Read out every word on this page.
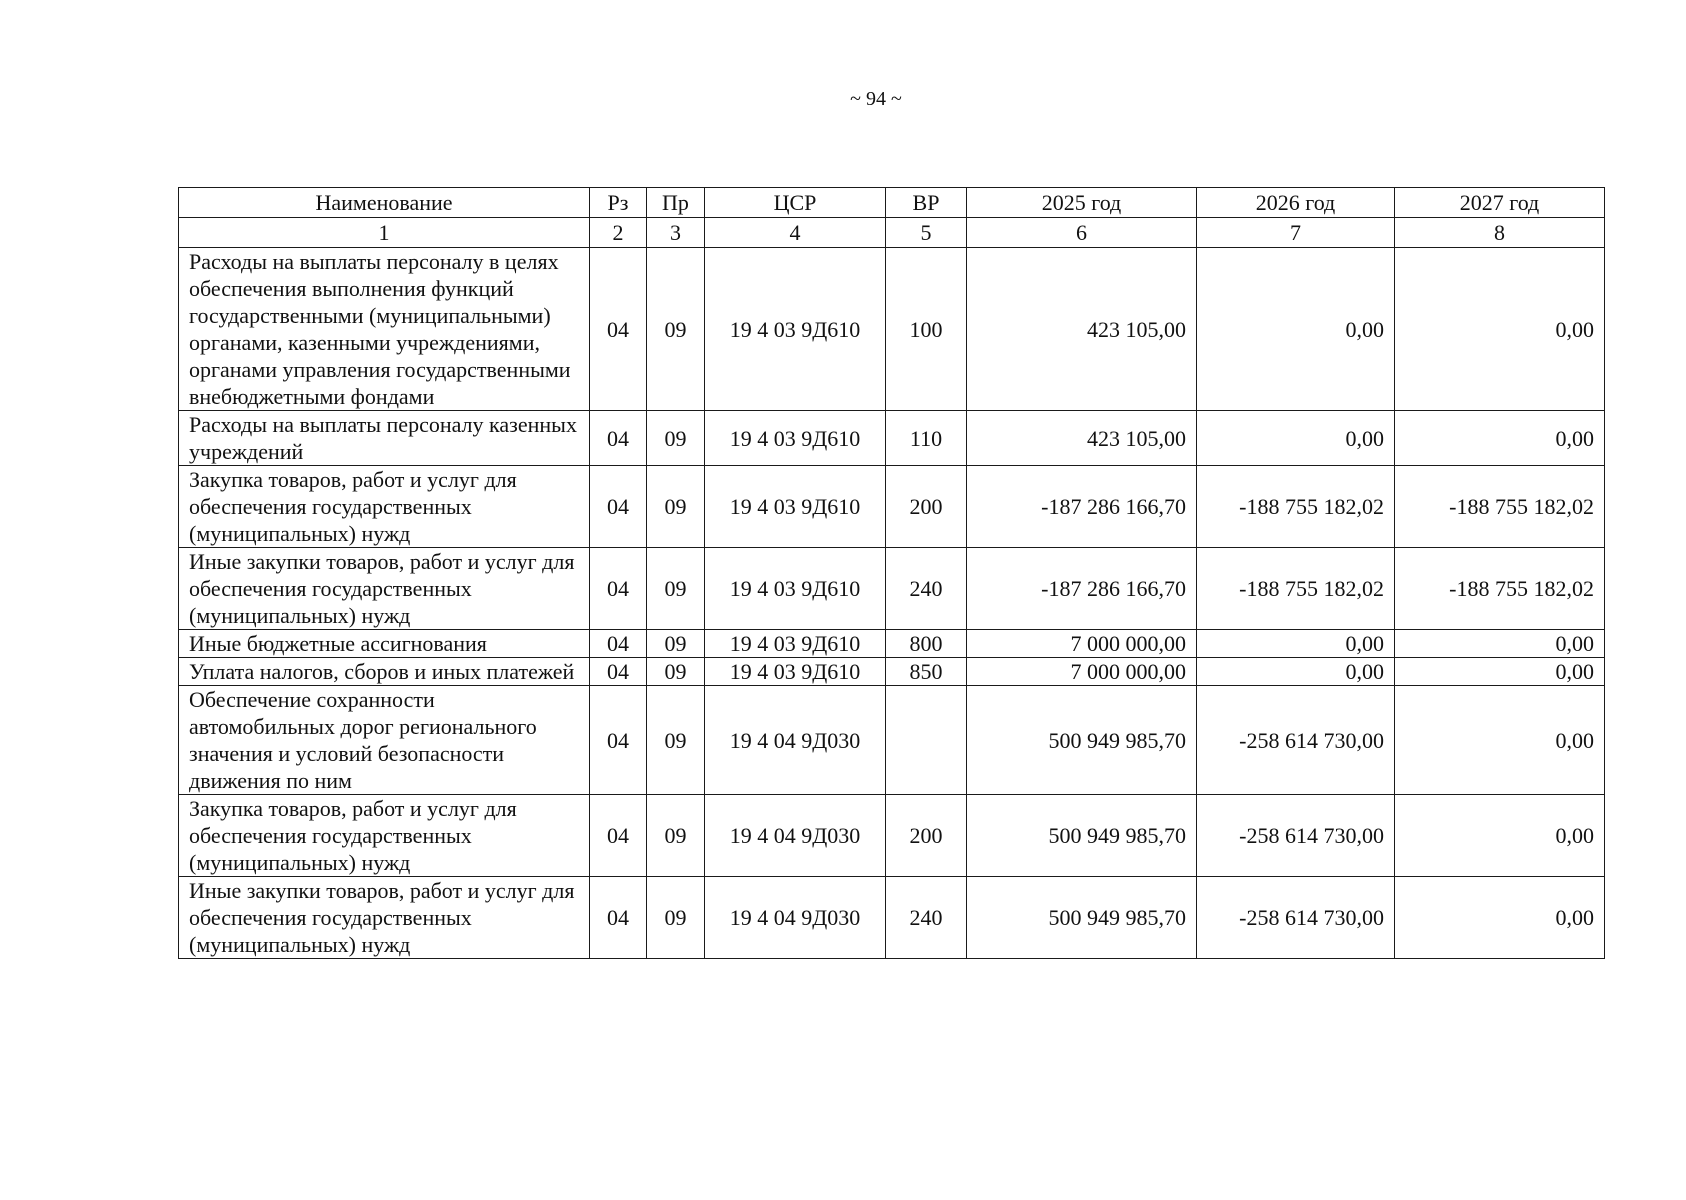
~ 94 ~
Наименование	Рз	Пр	ЦСР	ВР	2025 год	2026 год	2027 год
1	2	3	4	5	6	7	8
Расходы на выплаты персоналу в целях обеспечения выполнения функций государственными (муниципальными) органами, казенными учреждениями, органами управления государственными внебюджетными фондами	04	09	19 4 03 9Д610	100	423 105,00	0,00	0,00
Расходы на выплаты персоналу казенных учреждений	04	09	19 4 03 9Д610	110	423 105,00	0,00	0,00
Закупка товаров, работ и услуг для обеспечения государственных (муниципальных) нужд	04	09	19 4 03 9Д610	200	-187 286 166,70	-188 755 182,02	-188 755 182,02
Иные закупки товаров, работ и услуг для обеспечения государственных (муниципальных) нужд	04	09	19 4 03 9Д610	240	-187 286 166,70	-188 755 182,02	-188 755 182,02
Иные бюджетные ассигнования	04	09	19 4 03 9Д610	800	7 000 000,00	0,00	0,00
Уплата налогов, сборов и иных платежей	04	09	19 4 03 9Д610	850	7 000 000,00	0,00	0,00
Обеспечение сохранности автомобильных дорог регионального значения и условий безопасности движения по ним	04	09	19 4 04 9Д030		500 949 985,70	-258 614 730,00	0,00
Закупка товаров, работ и услуг для обеспечения государственных (муниципальных) нужд	04	09	19 4 04 9Д030	200	500 949 985,70	-258 614 730,00	0,00
Иные закупки товаров, работ и услуг для обеспечения государственных (муниципальных) нужд	04	09	19 4 04 9Д030	240	500 949 985,70	-258 614 730,00	0,00
